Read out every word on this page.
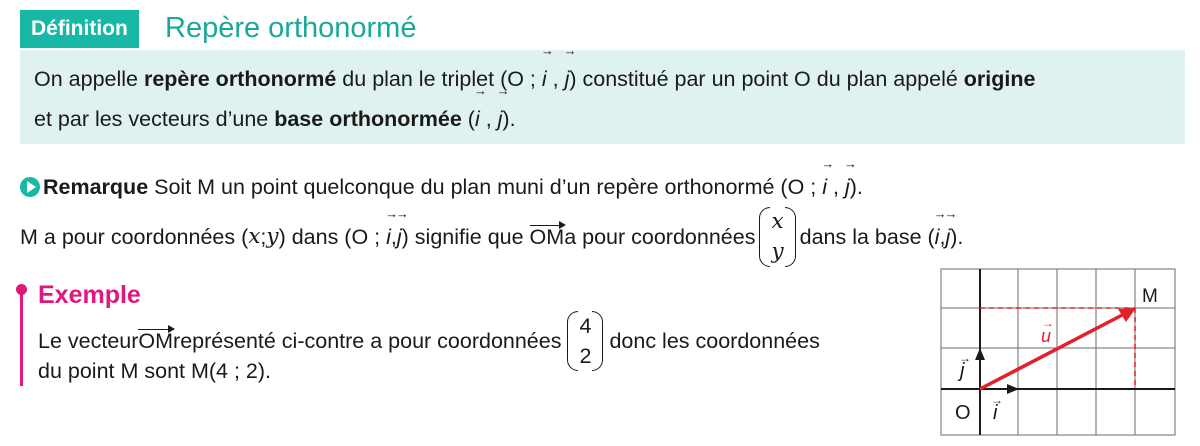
Définition Repère orthonormé
On appelle repère orthonormé du plan le triplet (O ; → i , → j) constitué par un point O du plan appelé origine
et par les vecteurs d’une base orthonormée (→ i , → j).
Remarque Soit M un point quelconque du plan muni d’un repère orthonormé (O ; → i , → j).
M a pour coordonnées ( x ; y ) dans (O ;
→ i , → j ) signifie que
OM a pour coordonnées
x
y
dans la base ( → i , → j ).
Exemple
Le vecteur OM représenté ci-contre a pour coordonnées
4
2
donc les coordonnées
du point M sont M(4 ; 2).
u
→
j
→
i
→
O
M
